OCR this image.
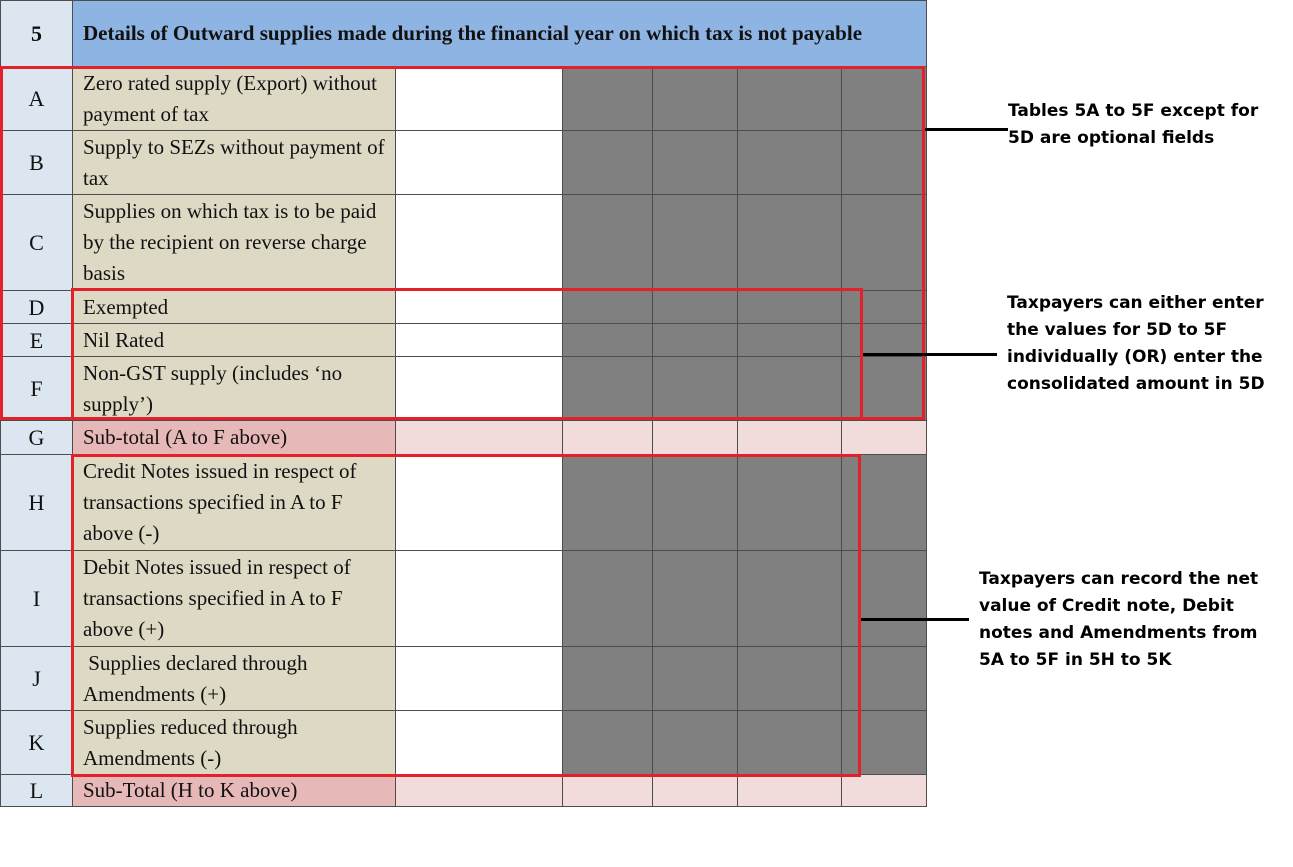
5	Details of Outward supplies made during the financial year on which tax is not payable					
A	Zero rated supply (Export) without payment of tax					
B	Supply to SEZs without payment of tax					
C	Supplies on which tax is to be paid by the recipient on reverse charge basis					
D	Exempted					
E	Nil Rated					
F	Non-GST supply (includes ‘no supply’)					
G	Sub-total (A to F above)					
H	Credit Notes issued in respect of transactions specified in A to F above (-)					
I	Debit Notes issued in respect of transactions specified in A to F above (+)					
J	Supplies declared through Amendments (+)					
K	Supplies reduced through Amendments (-)					
L	Sub-Total (H to K above)					
Tables 5A to 5F except for 5D are optional fields
Taxpayers can either enter the values for 5D to 5F individually (OR) enter the consolidated amount in 5D
Taxpayers can record the net value of Credit note, Debit notes and Amendments from 5A to 5F in 5H to 5K
